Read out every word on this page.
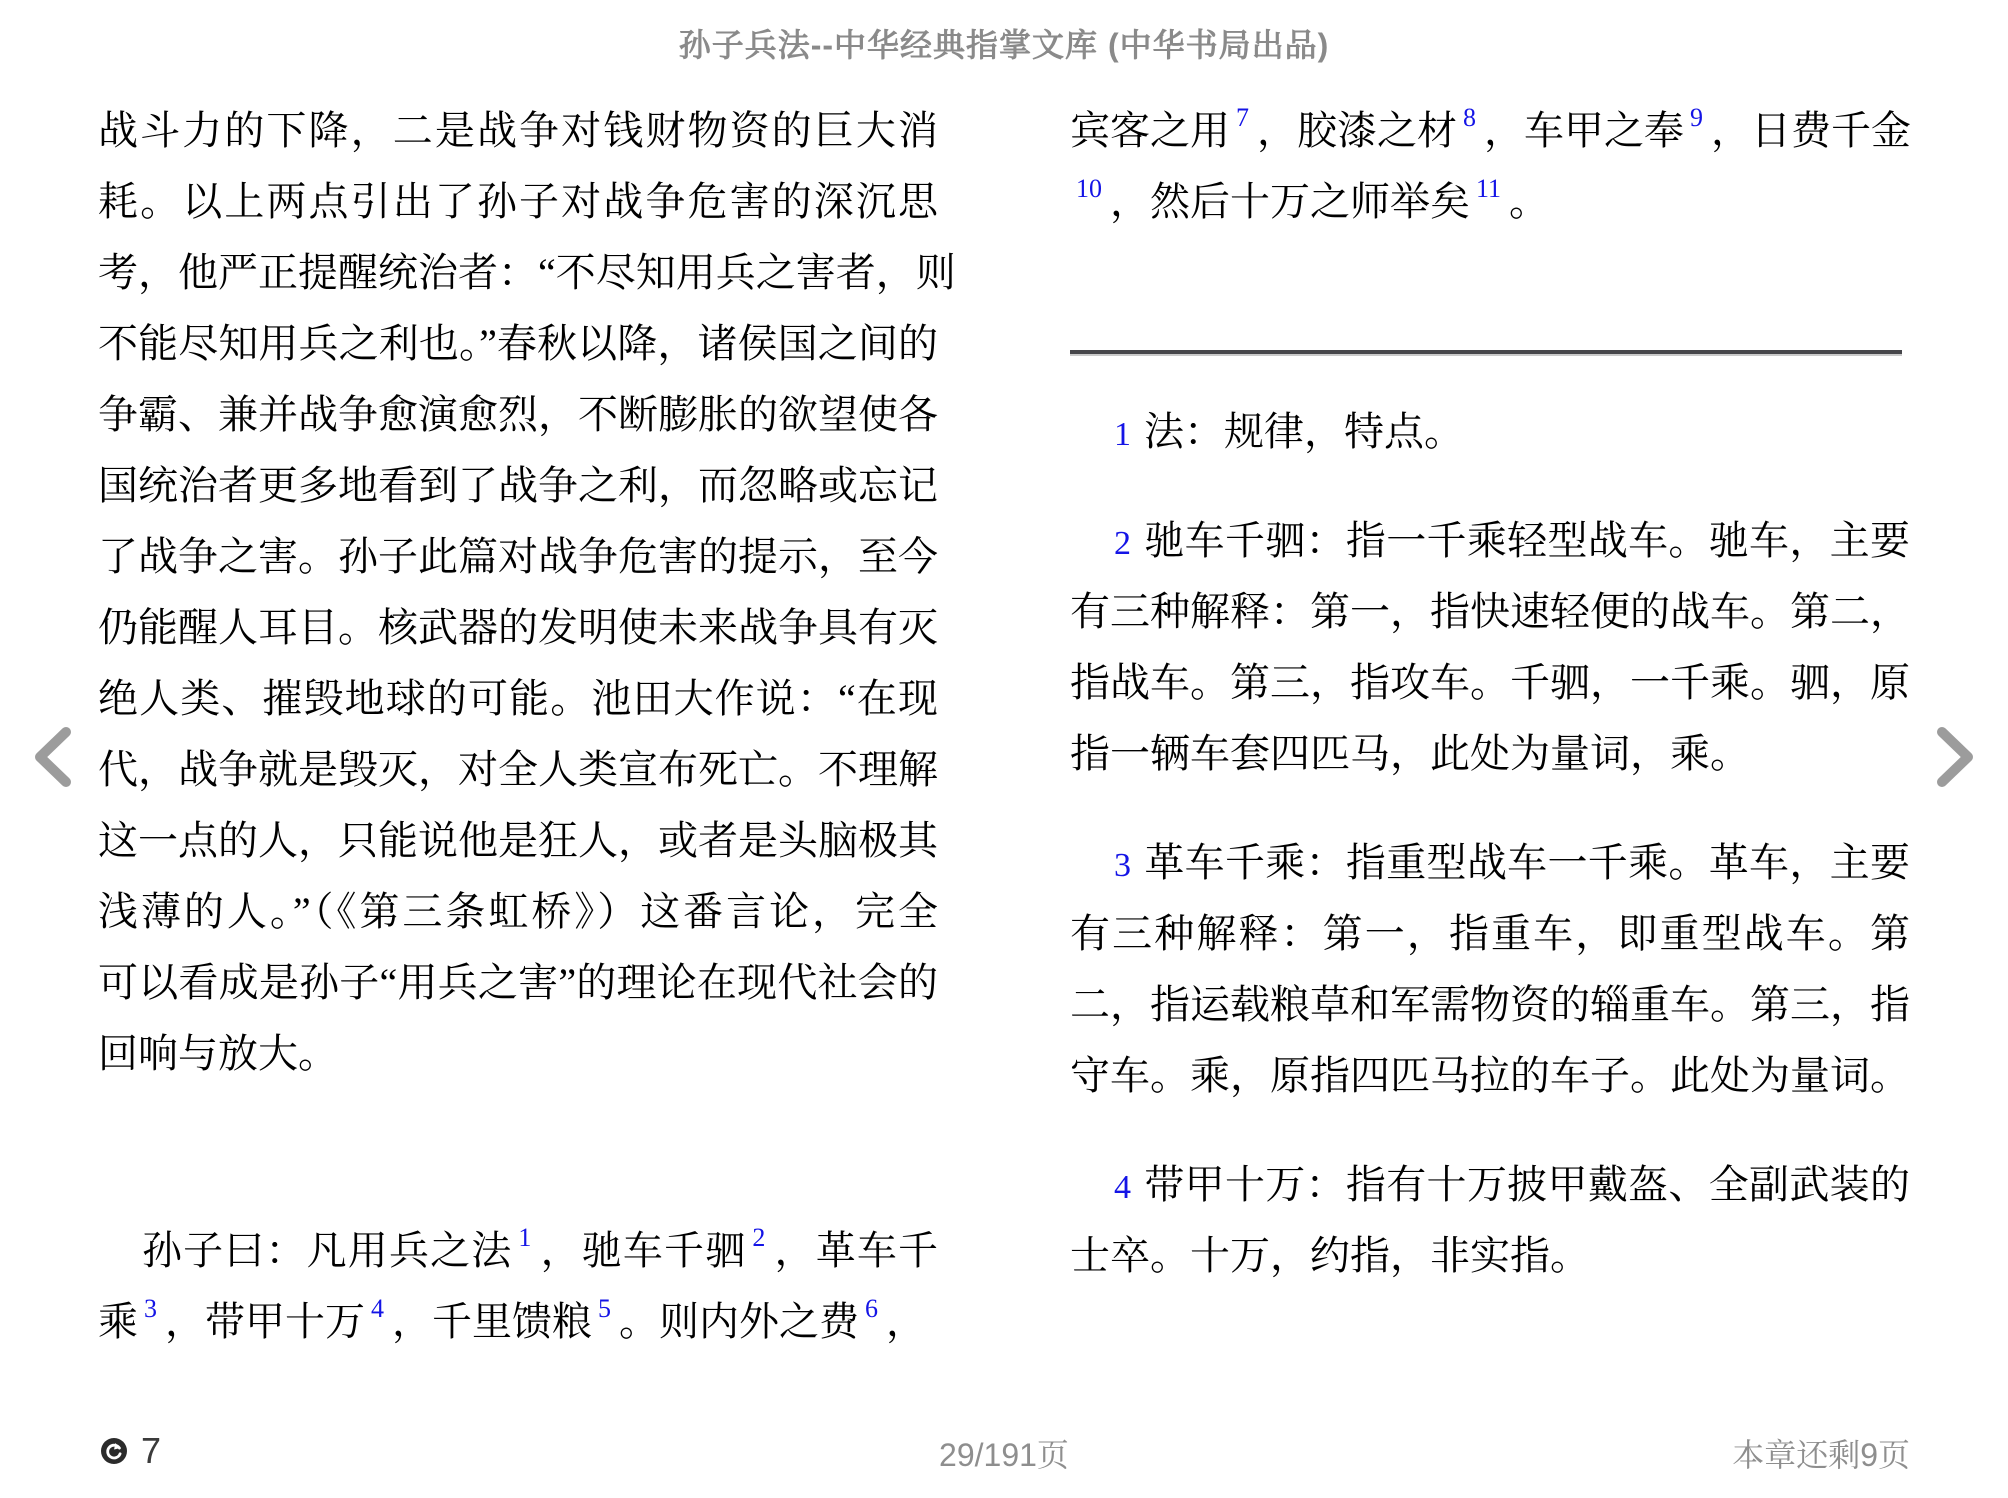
孙子兵法--中华经典指掌文库 (中华书局出品)
战斗力的下降，二是战争对钱财物资的巨大消
耗。以上两点引出了孙子对战争危害的深沉思
考，他严正提醒统治者：“不尽知用兵之害者，则
不能尽知用兵之利也。”春秋以降，诸侯国之间的
争霸、兼并战争愈演愈烈，不断膨胀的欲望使各
国统治者更多地看到了战争之利，而忽略或忘记
了战争之害。孙子此篇对战争危害的提示，至今
仍能醒人耳目。核武器的发明使未来战争具有灭
绝人类、摧毁地球的可能。池田大作说：“在现
代，战争就是毁灭，对全人类宣布死亡。不理解
这一点的人，只能说他是狂人，或者是头脑极其
浅薄的人。”（《第三条虹桥》）这番言论，完全
可以看成是孙子“用兵之害”的理论在现代社会的
回响与放大。
孙子曰：凡用兵之法 $^1$ ，驰车千驷 $^2$ ，革车千
乘 $^3$ ，带甲十万 $^4$ ，千里馈粮 $^5$ 。则内外之费 $^6$ ，
宾客之用 $^7$ ，胶漆之材 $^8$ ，车甲之奉 $^9$ ，日费千金
$^{10}$ ，然后十万之师举矣 $^{11}$ 。
1 法：规律，特点。
2 驰车千驷：指一千乘轻型战车。驰车，主要
有三种解释：第一，指快速轻便的战车。第二，
指战车。第三，指攻车。千驷，一千乘。驷，原
指一辆车套四匹马，此处为量词，乘。
3 革车千乘：指重型战车一千乘。革车，主要
有三种解释：第一，指重车，即重型战车。第
二，指运载粮草和军需物资的辎重车。第三，指
守车。乘，原指四匹马拉的车子。此处为量词。
4 带甲十万：指有十万披甲戴盔、全副武装的
士卒。十万，约指，非实指。
7	29/191页	本章还剩9页
